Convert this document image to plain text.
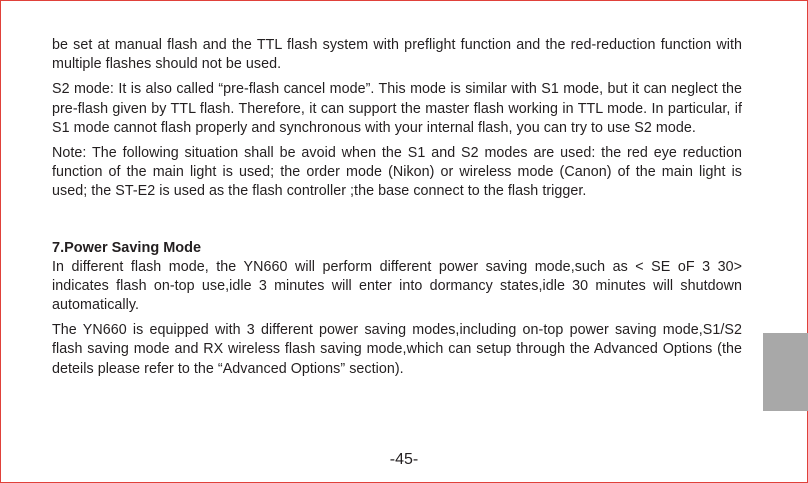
be set at manual flash and the TTL flash system with preflight function and the red-reduction function with multiple flashes should not be used.

S2 mode: It is also called “pre-flash cancel mode”. This mode is similar with S1 mode, but it can neglect the pre-flash given by TTL flash. Therefore, it can support the master flash working in TTL mode. In particular, if S1 mode cannot flash properly and synchronous with your internal flash, you can try to use S2 mode.

Note: The following situation shall be avoid when the S1 and S2 modes are used: the red eye reduction function of the main light is used; the order mode (Nikon) or wireless mode (Canon) of the main light is used; the ST-E2 is used as the flash controller ;the base connect to the flash trigger.

7.Power Saving Mode

In different flash mode, the YN660 will perform different power saving mode,such as < SE oF 3 30> indicates flash on-top use,idle 3 minutes will enter into dormancy states,idle 30 minutes will shutdown automatically.

The YN660 is equipped with 3 different power saving modes,including on-top power saving mode,S1/S2 flash saving mode and RX wireless flash saving mode,which can setup through the Advanced Options (the deteils please refer to the “Advanced Options” section).

-45-
